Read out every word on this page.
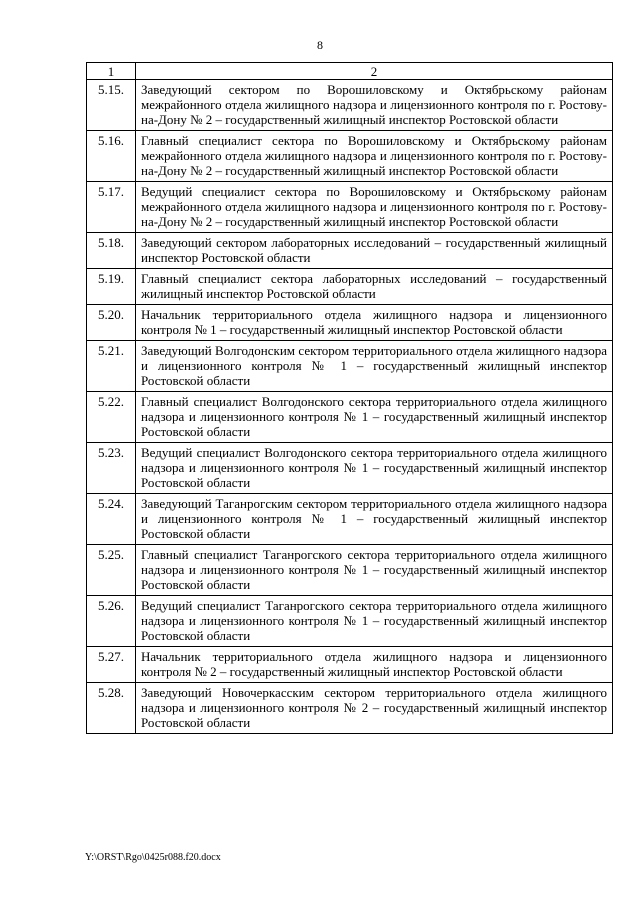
8
1	2
5.15.	Заведующий сектором по Ворошиловскому и Октябрьскому районам межрайонного отдела жилищного надзора и лицензионного контроля по г. Ростову-на-Дону № 2 – государственный жилищный инспектор Ростовской области
5.16.	Главный специалист сектора по Ворошиловскому и Октябрьскому районам межрайонного отдела жилищного надзора и лицензионного контроля по г. Ростову-на-Дону № 2 – государственный жилищный инспектор Ростовской области
5.17.	Ведущий специалист сектора по Ворошиловскому и Октябрьскому районам межрайонного отдела жилищного надзора и лицензионного контроля по г. Ростову-на-Дону № 2 – государственный жилищный инспектор Ростовской области
5.18.	Заведующий сектором лабораторных исследований – государственный жилищный инспектор Ростовской области
5.19.	Главный специалист сектора лабораторных исследований – государственный жилищный инспектор Ростовской области
5.20.	Начальник территориального отдела жилищного надзора и лицензионного контроля № 1 – государственный жилищный инспектор Ростовской области
5.21.	Заведующий Волгодонским сектором территориального отдела жилищного надзора и лицензионного контроля № 1 – государственный жилищный инспектор Ростовской области
5.22.	Главный специалист Волгодонского сектора территориального отдела жилищного надзора и лицензионного контроля № 1 – государственный жилищный инспектор Ростовской области
5.23.	Ведущий специалист Волгодонского сектора территориального отдела жилищного надзора и лицензионного контроля № 1 – государственный жилищный инспектор Ростовской области
5.24.	Заведующий Таганрогским сектором территориального отдела жилищного надзора и лицензионного контроля № 1 – государственный жилищный инспектор Ростовской области
5.25.	Главный специалист Таганрогского сектора территориального отдела жилищного надзора и лицензионного контроля № 1 – государственный жилищный инспектор Ростовской области
5.26.	Ведущий специалист Таганрогского сектора территориального отдела жилищного надзора и лицензионного контроля № 1 – государственный жилищный инспектор Ростовской области
5.27.	Начальник территориального отдела жилищного надзора и лицензионного контроля № 2 – государственный жилищный инспектор Ростовской области
5.28.	Заведующий Новочеркасским сектором территориального отдела жилищного надзора и лицензионного контроля № 2 – государственный жилищный инспектор Ростовской области
Y:\ORST\Rgo\0425r088.f20.docx
